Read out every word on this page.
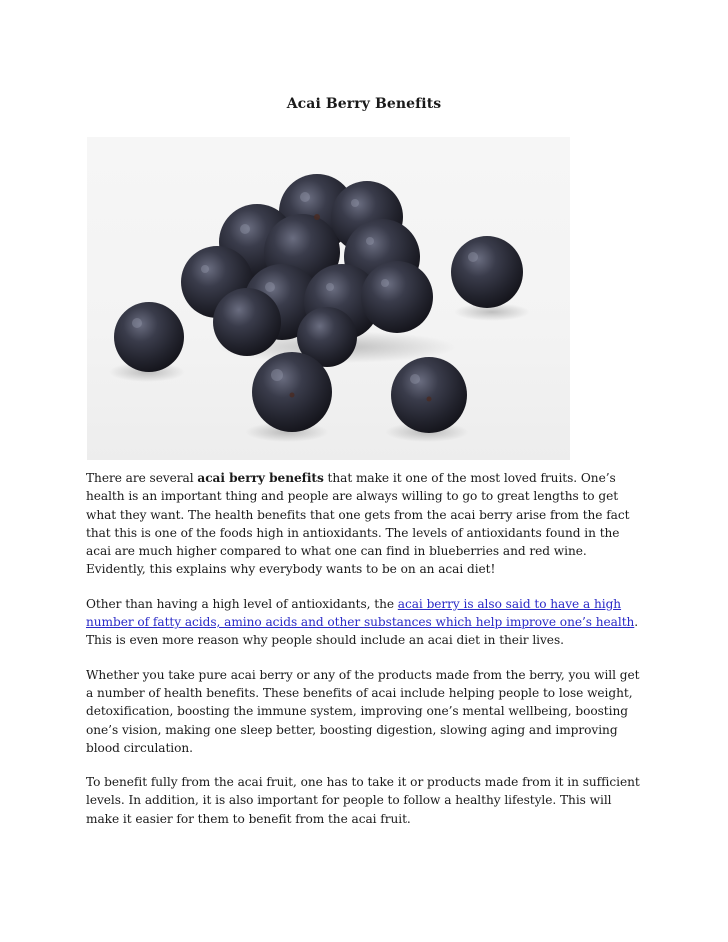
Acai Berry Benefits

There are several acai berry benefits that make it one of the most loved fruits. One’s health is an important thing and people are always willing to go to great lengths to get what they want. The health benefits that one gets from the acai berry arise from the fact that this is one of the foods high in antioxidants. The levels of antioxidants found in the acai are much higher compared to what one can find in blueberries and red wine. Evidently, this explains why everybody wants to be on an acai diet!

Other than having a high level of antioxidants, the acai berry is also said to have a high number of fatty acids, amino acids and other substances which help improve one’s health. This is even more reason why people should include an acai diet in their lives.

Whether you take pure acai berry or any of the products made from the berry, you will get a number of health benefits. These benefits of acai include helping people to lose weight, detoxification, boosting the immune system, improving one’s mental wellbeing, boosting one’s vision, making one sleep better, boosting digestion, slowing aging and improving blood circulation.

To benefit fully from the acai fruit, one has to take it or products made from it in sufficient levels. In addition, it is also important for people to follow a healthy lifestyle. This will make it easier for them to benefit from the acai fruit.
